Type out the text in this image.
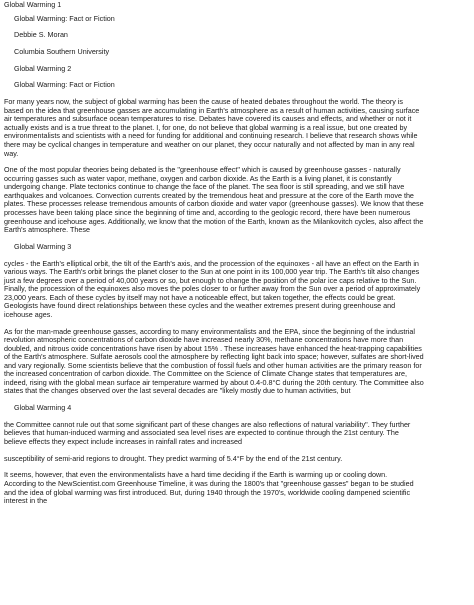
Global Warming 1
Global Warming: Fact or Fiction
Debbie S. Moran
Columbia Southern University
Global Warming 2
Global Warming: Fact or Fiction
For many years now, the subject of global warming has been the cause of heated debates throughout the world. The theory is
based on the idea that greenhouse gasses are accumulating in Earth's atmosphere as a result of human activities, causing surface
air temperatures and subsurface ocean temperatures to rise. Debates have covered its causes and effects, and whether or not it
actually exists and is a true threat to the planet. I, for one, do not believe that global warming is a real issue, but one created by
environmentalists and scientists with a need for funding for additional and continuing research. I believe that research shows while
there may be cyclical changes in temperature and weather on our planet, they occur naturally and not affected by man in any real
way.
One of the most popular theories being debated is the "greenhouse effect" which is caused by greenhouse gasses - naturally
occurring gasses such as water vapor, methane, oxygen and carbon dioxide. As the Earth is a living planet, it is constantly
undergoing change. Plate tectonics continue to change the face of the planet. The sea floor is still spreading, and we still have
earthquakes and volcanoes. Convection currents created by the tremendous heat and pressure at the core of the Earth move the
plates. These processes release tremendous amounts of carbon dioxide and water vapor (greenhouse gasses). We know that these
processes have been taking place since the beginning of time and, according to the geologic record, there have been numerous
greenhouse and icehouse ages. Additionally, we know that the motion of the Earth, known as the Milankovitch cycles, also affect the
Earth's atmosphere. These
Global Warming 3
cycles - the Earth's elliptical orbit, the tilt of the Earth's axis, and the procession of the equinoxes - all have an effect on the Earth in
various ways. The Earth's orbit brings the planet closer to the Sun at one point in its 100,000 year trip. The Earth's tilt also changes
just a few degrees over a period of 40,000 years or so, but enough to change the position of the polar ice caps relative to the Sun.
Finally, the procession of the equinoxes also moves the poles closer to or further away from the Sun over a period of approximately
23,000 years. Each of these cycles by itself may not have a noticeable effect, but taken together, the effects could be great.
Geologists have found direct relationships between these cycles and the weather extremes present during greenhouse and
icehouse ages.
As for the man-made greenhouse gasses, according to many environmentalists and the EPA, since the beginning of the industrial
revolution atmospheric concentrations of carbon dioxide have increased nearly 30%, methane concentrations have more than
doubled, and nitrous oxide concentrations have risen by about 15% . These increases have enhanced the heat-trapping capabilities
of the Earth's atmosphere. Sulfate aerosols cool the atmosphere by reflecting light back into space; however, sulfates are short-lived
and vary regionally. Some scientists believe that the combustion of fossil fuels and other human activities are the primary reason for
the increased concentration of carbon dioxide. The Committee on the Science of Climate Change states that temperatures are,
indeed, rising with the global mean surface air temperature warmed by about 0.4-0.8°C during the 20th century. The Committee also
states that the changes observed over the last several decades are "likely mostly due to human activities, but
Global Warming 4
the Committee cannot rule out that some significant part of these changes are also reflections of natural variability". They further
believes that human-induced warming and associated sea level rises are expected to continue through the 21st century. The
believe effects they expect include increases in rainfall rates and increased
susceptibility of semi-arid regions to drought. They predict warming of 5.4°F by the end of the 21st century.
It seems, however, that even the environmentalists have a hard time deciding if the Earth is warming up or cooling down.
According to the NewScientist.com Greenhouse Timeline, it was during the 1800's that "greenhouse gasses" began to be studied
and the idea of global warming was first introduced. But, during 1940 through the 1970's, worldwide cooling dampened scientific
interest in the
